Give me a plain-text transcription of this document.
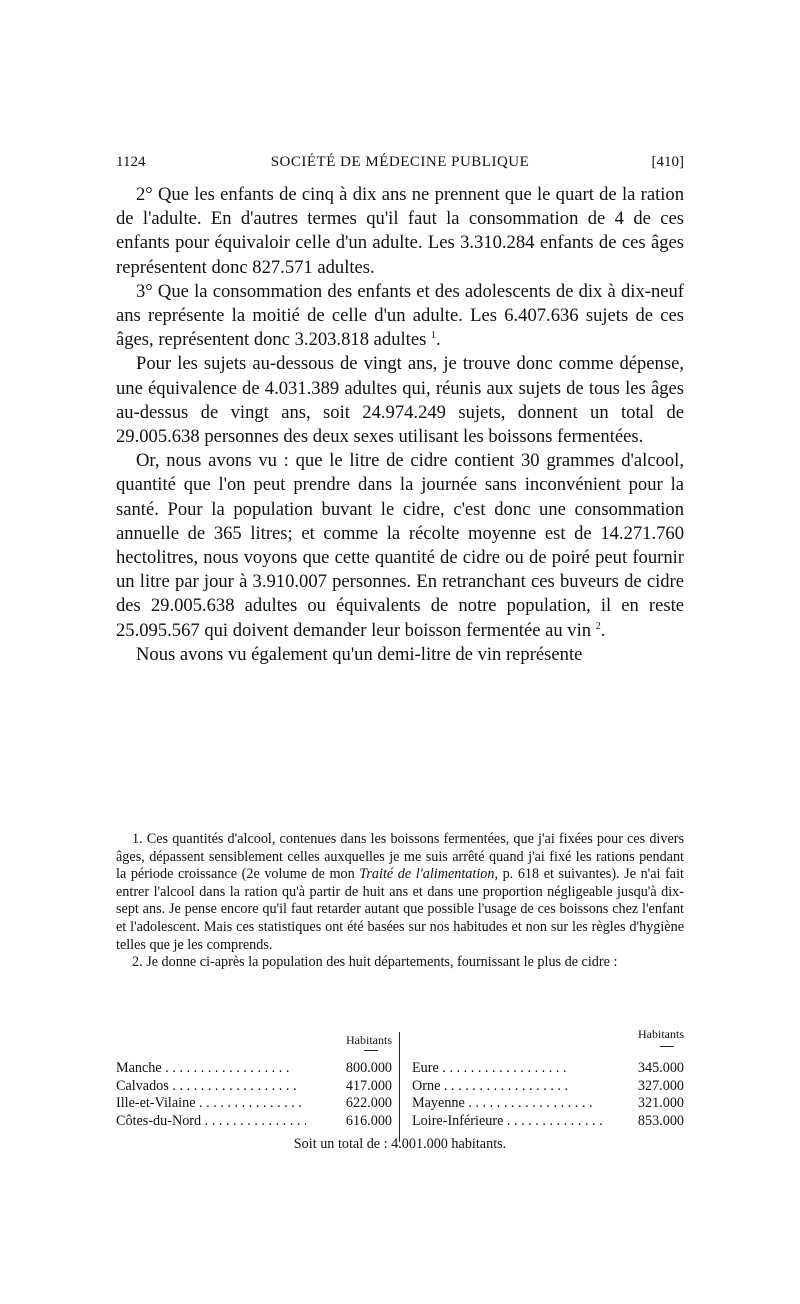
1124	SOCIÉTÉ DE MÉDECINE PUBLIQUE	[410]

2° Que les enfants de cinq à dix ans ne prennent que le quart de la ration de l'adulte. En d'autres termes qu'il faut la consommation de 4 de ces enfants pour équivaloir celle d'un adulte. Les 3.310.284 enfants de ces âges représentent donc 827.571 adultes.

3° Que la consommation des enfants et des adolescents de dix à dix-neuf ans représente la moitié de celle d'un adulte. Les 6.407.636 sujets de ces âges, représentent donc 3.203.818 adultes $^1$.

Pour les sujets au-dessous de vingt ans, je trouve donc comme dépense, une équivalence de 4.031.389 adultes qui, réunis aux sujets de tous les âges au-dessus de vingt ans, soit 24.974.249 sujets, donnent un total de 29.005.638 personnes des deux sexes utilisant les boissons fermentées.

Or, nous avons vu : que le litre de cidre contient 30 grammes d'alcool, quantité que l'on peut prendre dans la journée sans inconvénient pour la santé. Pour la population buvant le cidre, c'est donc une consommation annuelle de 365 litres; et comme la récolte moyenne est de 14.271.760 hectolitres, nous voyons que cette quantité de cidre ou de poiré peut fournir un litre par jour à 3.910.007 personnes. En retranchant ces buveurs de cidre des 29.005.638 adultes ou équivalents de notre population, il en reste 25.095.567 qui doivent demander leur boisson fermentée au vin $^2$.

Nous avons vu également qu'un demi-litre de vin représente

1. Ces quantités d'alcool, contenues dans les boissons fermentées, que j'ai fixées pour ces divers âges, dépassent sensiblement celles auxquelles je me suis arrêté quand j'ai fixé les rations pendant la période croissance (2e volume de mon Traité de l'alimentation, p. 618 et suivantes). Je n'ai fait entrer l'alcool dans la ration qu'à partir de huit ans et dans une proportion négligeable jusqu'à dix-sept ans. Je pense encore qu'il faut retarder autant que possible l'usage de ces boissons chez l'enfant et l'adolescent. Mais ces statistiques ont été basées sur nos habitudes et non sur les règles d'hygiène telles que je les comprends.

2. Je donne ci-après la population des huit départements, fournissant le plus de cidre :

Habitants	Habitants
Manche . . .	800.000 Eure . . .	345.000
Calvados . . .	417.000 Orne . . .	327.000
Ille-et-Vilaine . . .	622.000 Mayenne . . .	321.000
Côtes-du-Nord . . .	616.000 Loire-Inférieure . . .	853.000
Soit un total de : 4.001.000 habitants.
